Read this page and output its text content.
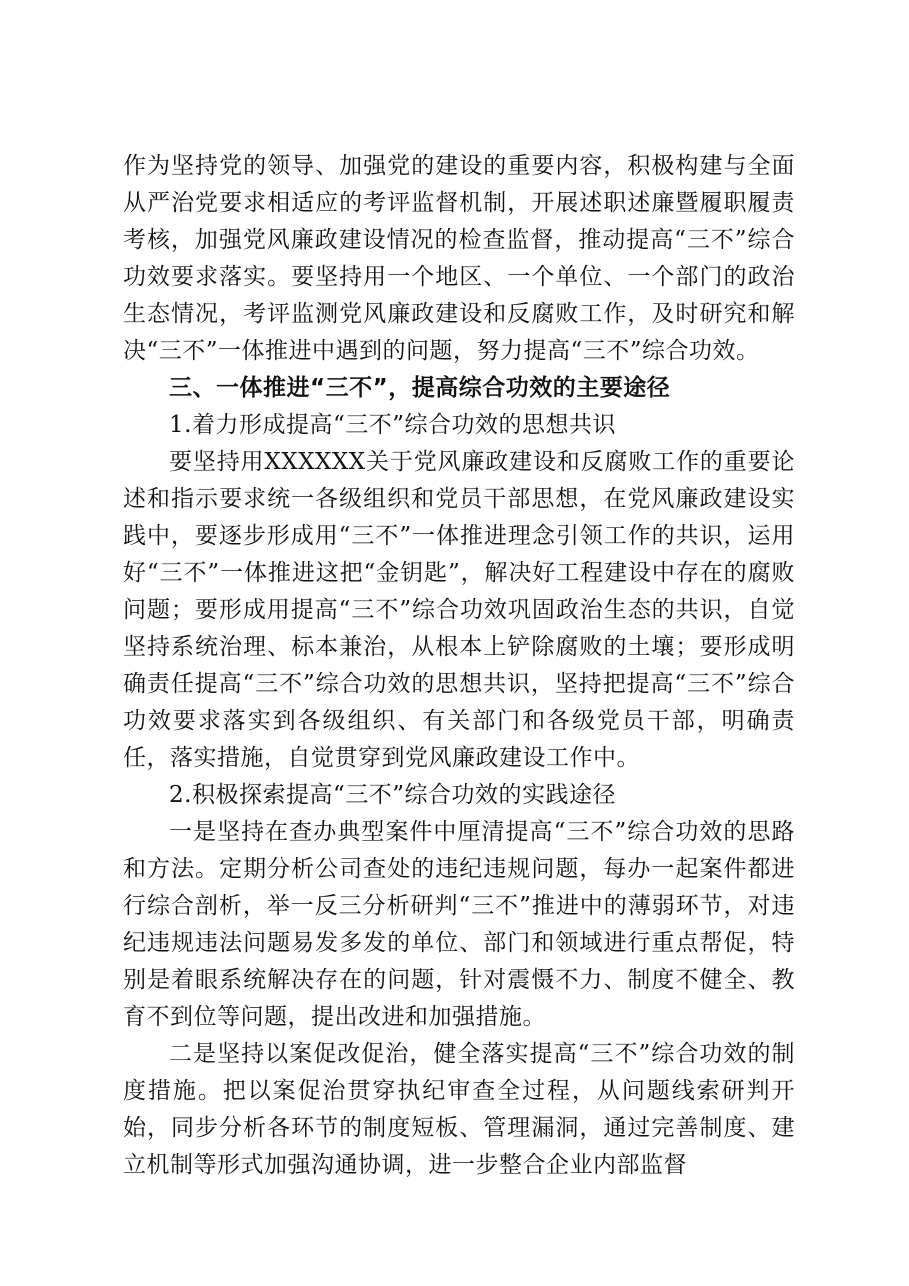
作为坚持党的领导、加强党的建设的重要内容，积极构建与全面从严治党要求相适应的考评监督机制，开展述职述廉暨履职履责考核，加强党风廉政建设情况的检查监督，推动提高“三不”综合功效要求落实。要坚持用一个地区、一个单位、一个部门的政治生态情况，考评监测党风廉政建设和反腐败工作，及时研究和解决“三不”一体推进中遇到的问题，努力提高“三不”综合功效。

三、一体推进“三不”，提高综合功效的主要途径

1.着力形成提高“三不”综合功效的思想共识

要坚持用XXXXXX关于党风廉政建设和反腐败工作的重要论述和指示要求统一各级组织和党员干部思想，在党风廉政建设实践中，要逐步形成用“三不”一体推进理念引领工作的共识，运用好“三不”一体推进这把“金钥匙”，解决好工程建设中存在的腐败问题；要形成用提高“三不”综合功效巩固政治生态的共识，自觉坚持系统治理、标本兼治，从根本上铲除腐败的土壤；要形成明确责任提高“三不”综合功效的思想共识，坚持把提高“三不”综合功效要求落实到各级组织、有关部门和各级党员干部，明确责任，落实措施，自觉贯穿到党风廉政建设工作中。

2.积极探索提高“三不”综合功效的实践途径

一是坚持在查办典型案件中厘清提高“三不”综合功效的思路和方法。定期分析公司查处的违纪违规问题，每办一起案件都进行综合剖析，举一反三分析研判“三不”推进中的薄弱环节，对违纪违规违法问题易发多发的单位、部门和领域进行重点帮促，特别是着眼系统解决存在的问题，针对震慑不力、制度不健全、教育不到位等问题，提出改进和加强措施。

二是坚持以案促改促治，健全落实提高“三不”综合功效的制度措施。把以案促治贯穿执纪审查全过程，从问题线索研判开始，同步分析各环节的制度短板、管理漏洞，通过完善制度、建立机制等形式加强沟通协调，进一步整合企业内部监督
